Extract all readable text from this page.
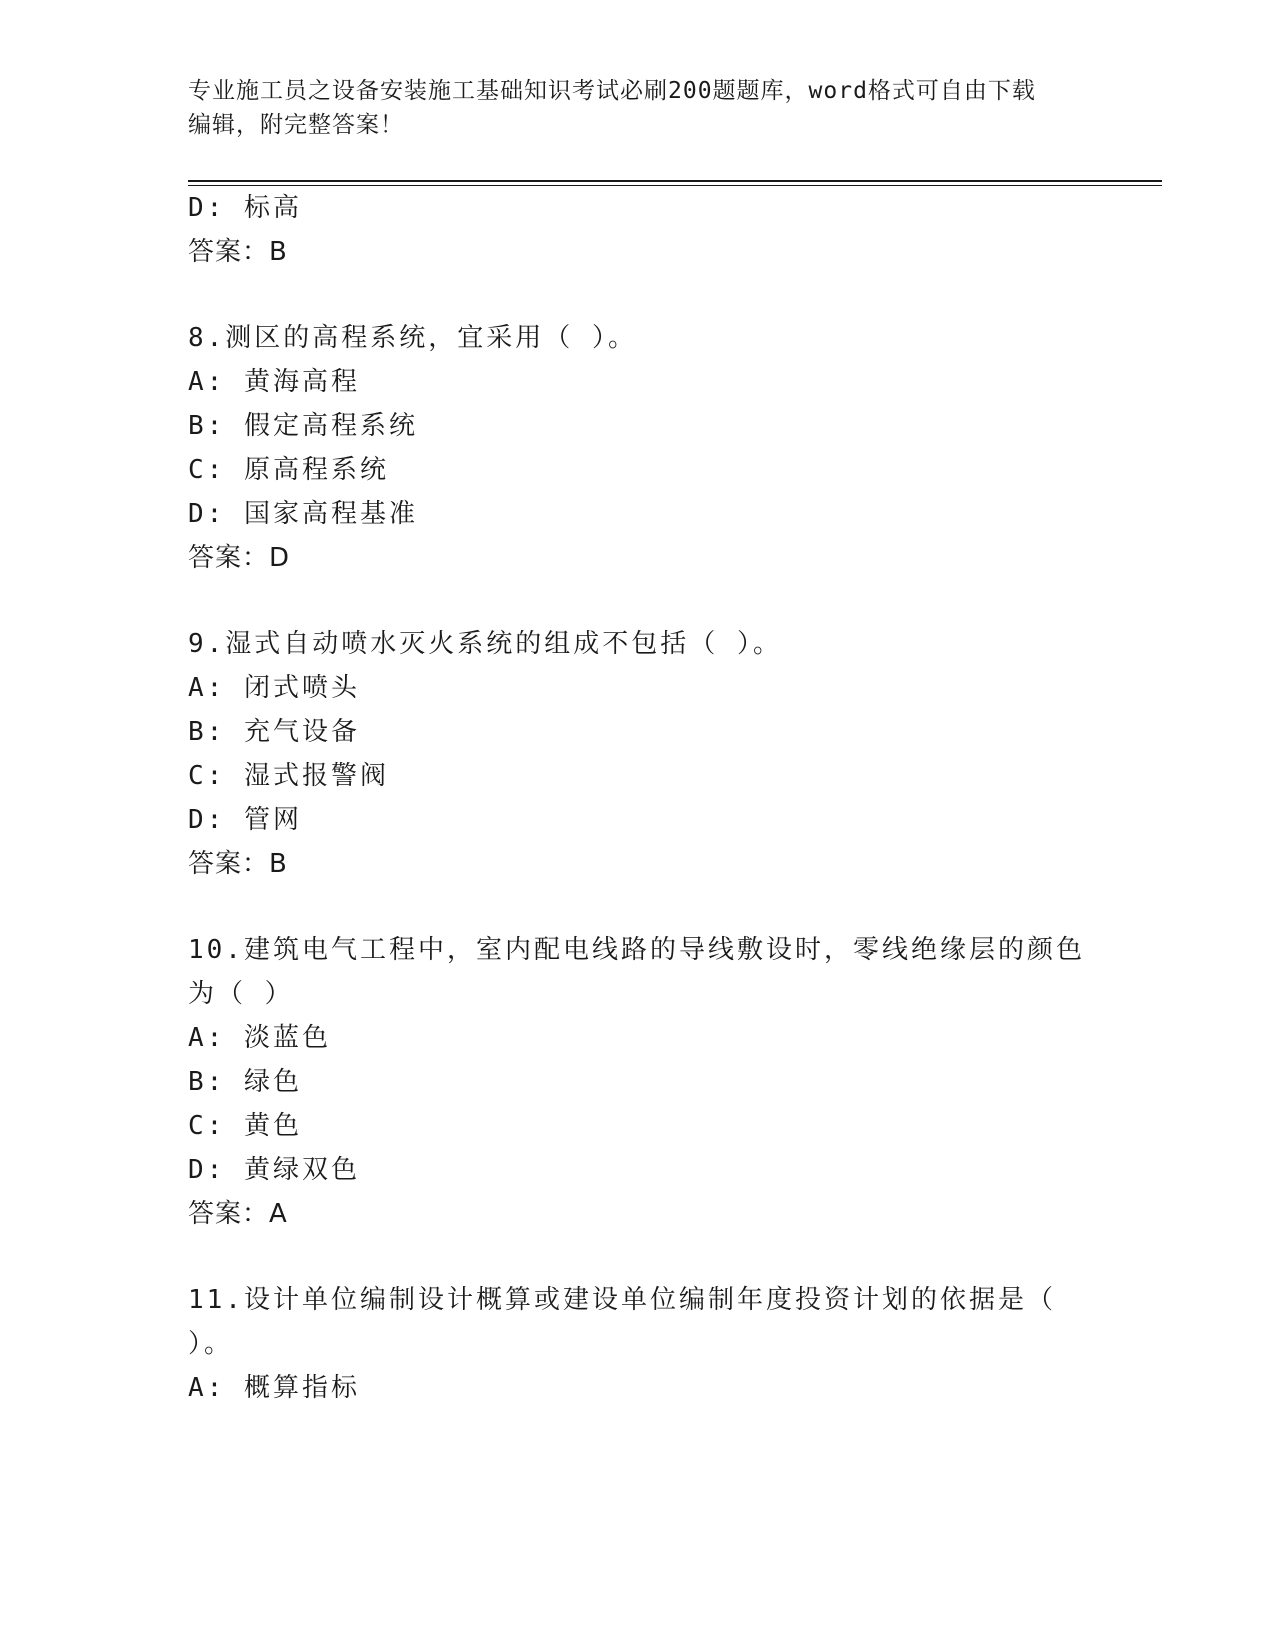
专业施工员之设备安装施工基础知识考试必刷200题题库，word格式可自由下载
编辑，附完整答案！
D: 标高
答案：B
8.测区的高程系统，宜采用（ ）。
A: 黄海高程
B: 假定高程系统
C: 原高程系统
D: 国家高程基准
答案：D
9.湿式自动喷水灭火系统的组成不包括（ ）。
A: 闭式喷头
B: 充气设备
C: 湿式报警阀
D: 管网
答案：B
10.建筑电气工程中，室内配电线路的导线敷设时，零线绝缘层的颜色
为（ ）
A: 淡蓝色
B: 绿色
C: 黄色
D: 黄绿双色
答案：A
11.设计单位编制设计概算或建设单位编制年度投资计划的依据是（
）。
A: 概算指标
